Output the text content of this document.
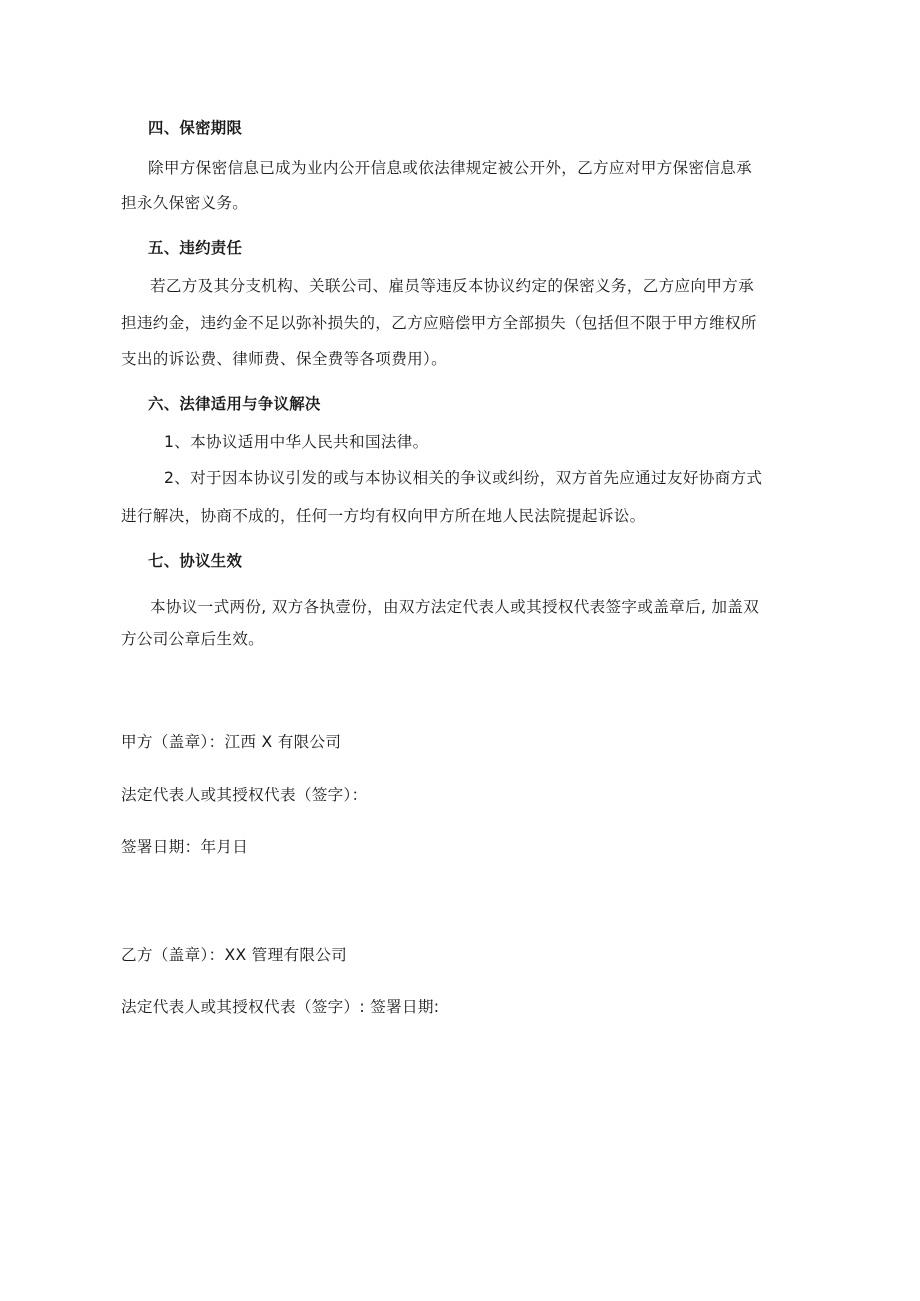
四、保密期限
除甲方保密信息已成为业内公开信息或依法律规定被公开外，乙方应对甲方保密信息承
担永久保密义务。
五、违约责任
若乙方及其分支机构、关联公司、雇员等违反本协议约定的保密义务，乙方应向甲方承
担违约金，违约金不足以弥补损失的，乙方应赔偿甲方全部损失（包括但不限于甲方维权所
支出的诉讼费、律师费、保全费等各项费用）。
六、法律适用与争议解决
1、本协议适用中华人民共和国法律。
2、对于因本协议引发的或与本协议相关的争议或纠纷，双方首先应通过友好协商方式
进行解决，协商不成的，任何一方均有权向甲方所在地人民法院提起诉讼。
七、协议生效
本协议一式两份, 双方各执壹份，由双方法定代表人或其授权代表签字或盖章后, 加盖双
方公司公章后生效。
甲方（盖章）：江西 X 有限公司
法定代表人或其授权代表（签字）：
签署日期：年月日
乙方（盖章）：XX 管理有限公司
法定代表人或其授权代表（签字）: 签署日期:
